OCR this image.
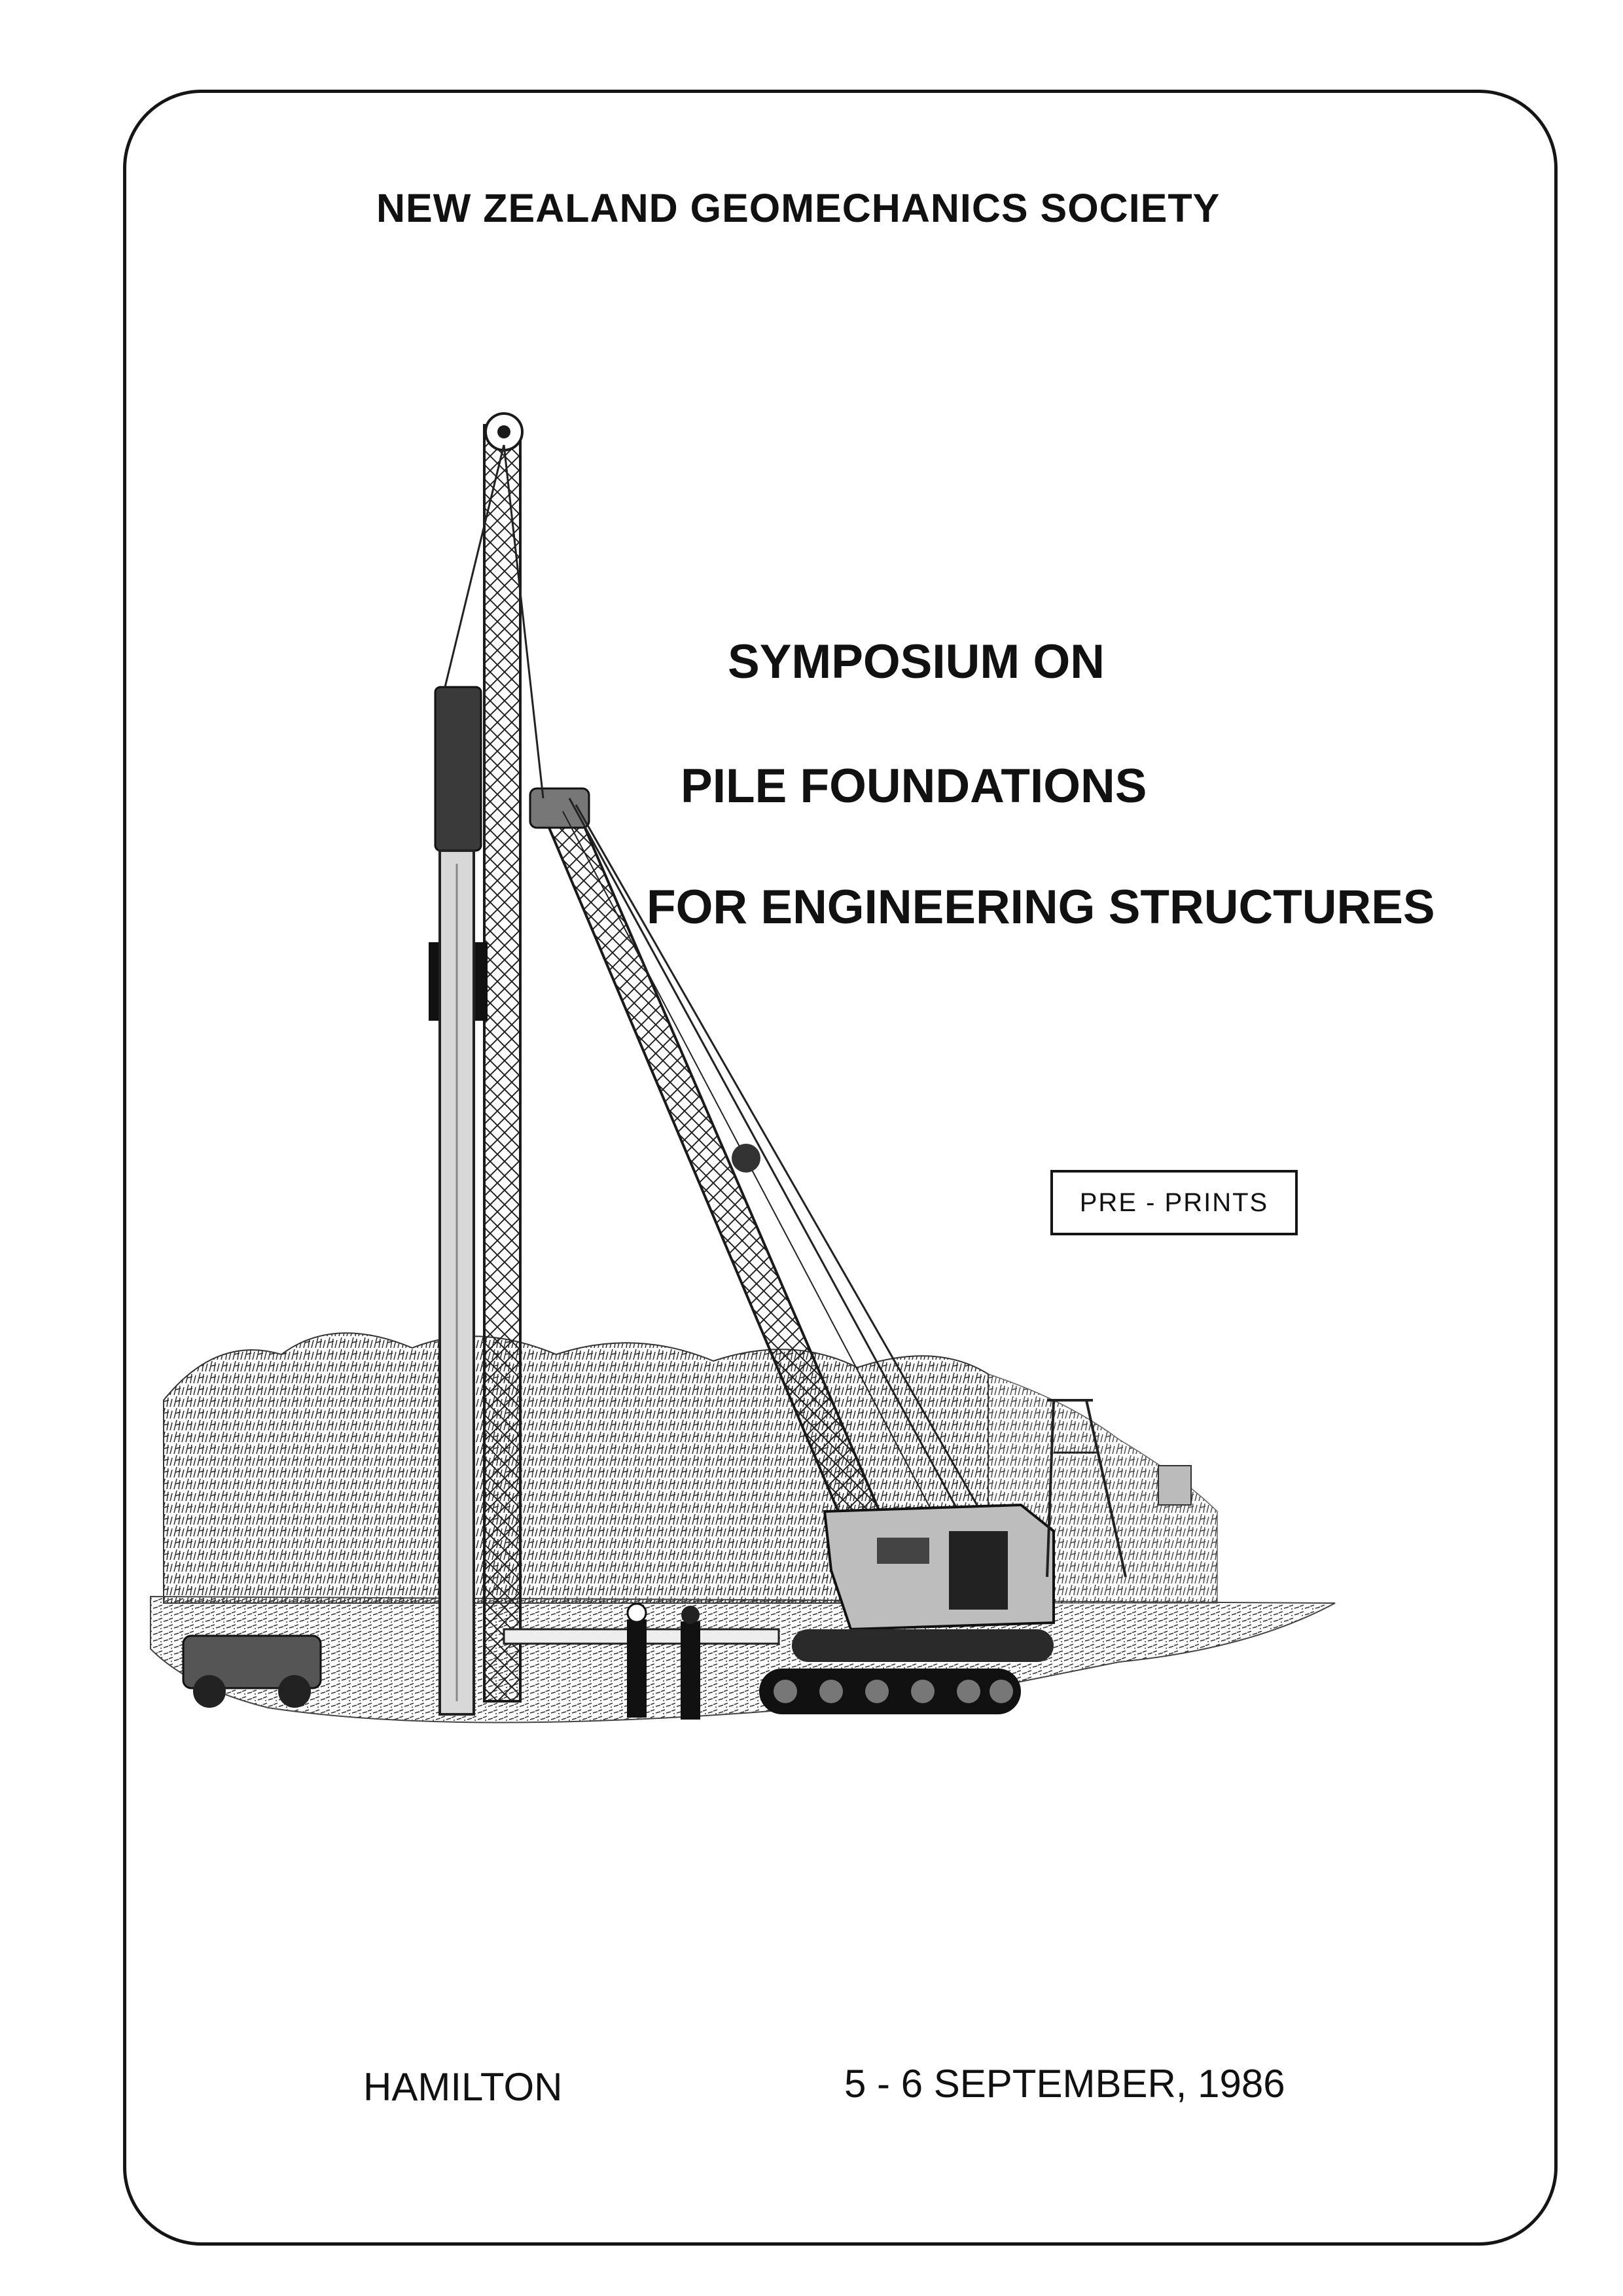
NEW ZEALAND GEOMECHANICS SOCIETY
SYMPOSIUM ON
PILE FOUNDATIONS
FOR ENGINEERING STRUCTURES
PRE - PRINTS
HAMILTON	5 - 6 SEPTEMBER, 1986
